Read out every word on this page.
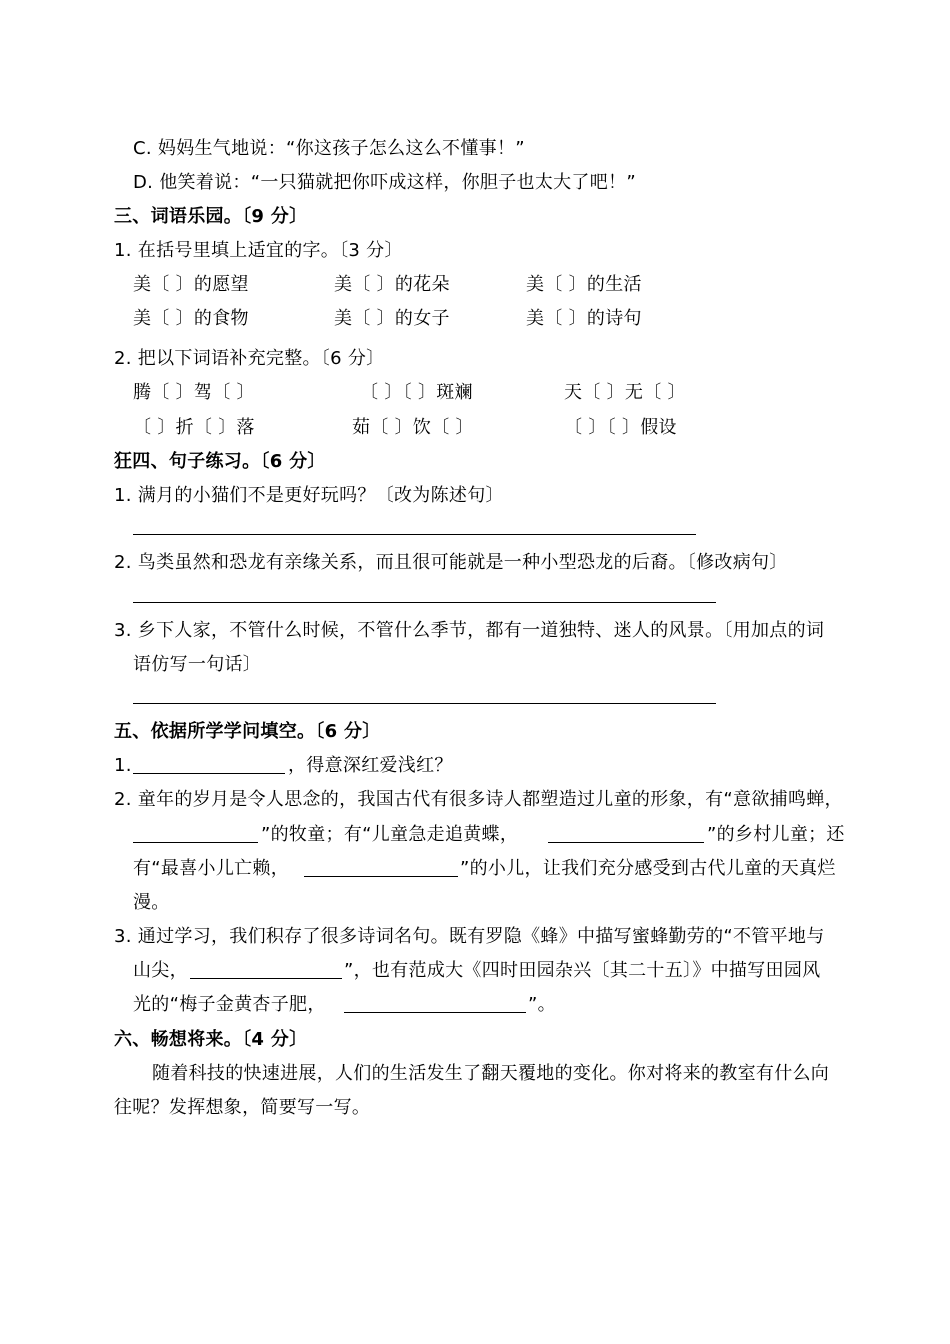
C. 妈妈生气地说：“你这孩子怎么这么不懂事！”
D. 他笑着说：“一只猫就把你吓成这样，你胆子也太大了吧！”
三、词语乐园。〔9 分〕
1. 在括号里填上适宜的字。〔3 分〕
美〔 〕的愿望	美〔 〕的花朵	美〔 〕的生活
美〔 〕的食物	美〔 〕的女子	美〔 〕的诗句
2. 把以下词语补充完整。〔6 分〕
腾〔 〕驾〔 〕	〔 〕〔 〕斑斓	天〔 〕无〔 〕
〔 〕折〔 〕落	茹〔 〕饮〔 〕	〔 〕〔 〕假设
狂四、句子练习。〔6 分〕
1. 满月的小猫们不是更好玩吗？〔改为陈述句〕
2. 鸟类虽然和恐龙有亲缘关系，而且很可能就是一种小型恐龙的后裔。〔修改病句〕
3. 乡下人家，不管什么时候，不管什么季节，都有一道独特、迷人的风景。〔用加点的词
语仿写一句话〕
五、依据所学学问填空。〔6 分〕
1.	，得意深红爱浅红？
2. 童年的岁月是令人思念的，我国古代有很多诗人都塑造过儿童的形象，有“意欲捕鸣蝉，
”的牧童；有“儿童急走追黄蝶，	”的乡村儿童；还
有“最喜小儿亡赖，	”的小儿，让我们充分感受到古代儿童的天真烂
漫。
3. 通过学习，我们积存了很多诗词名句。既有罗隐《蜂》中描写蜜蜂勤劳的“不管平地与
山尖，	”，也有范成大《四时田园杂兴〔其二十五〕》中描写田园风
光的“梅子金黄杏子肥，	”。
六、畅想将来。〔4 分〕
随着科技的快速进展，人们的生活发生了翻天覆地的变化。你对将来的教室有什么向
往呢？发挥想象，简要写一写。
